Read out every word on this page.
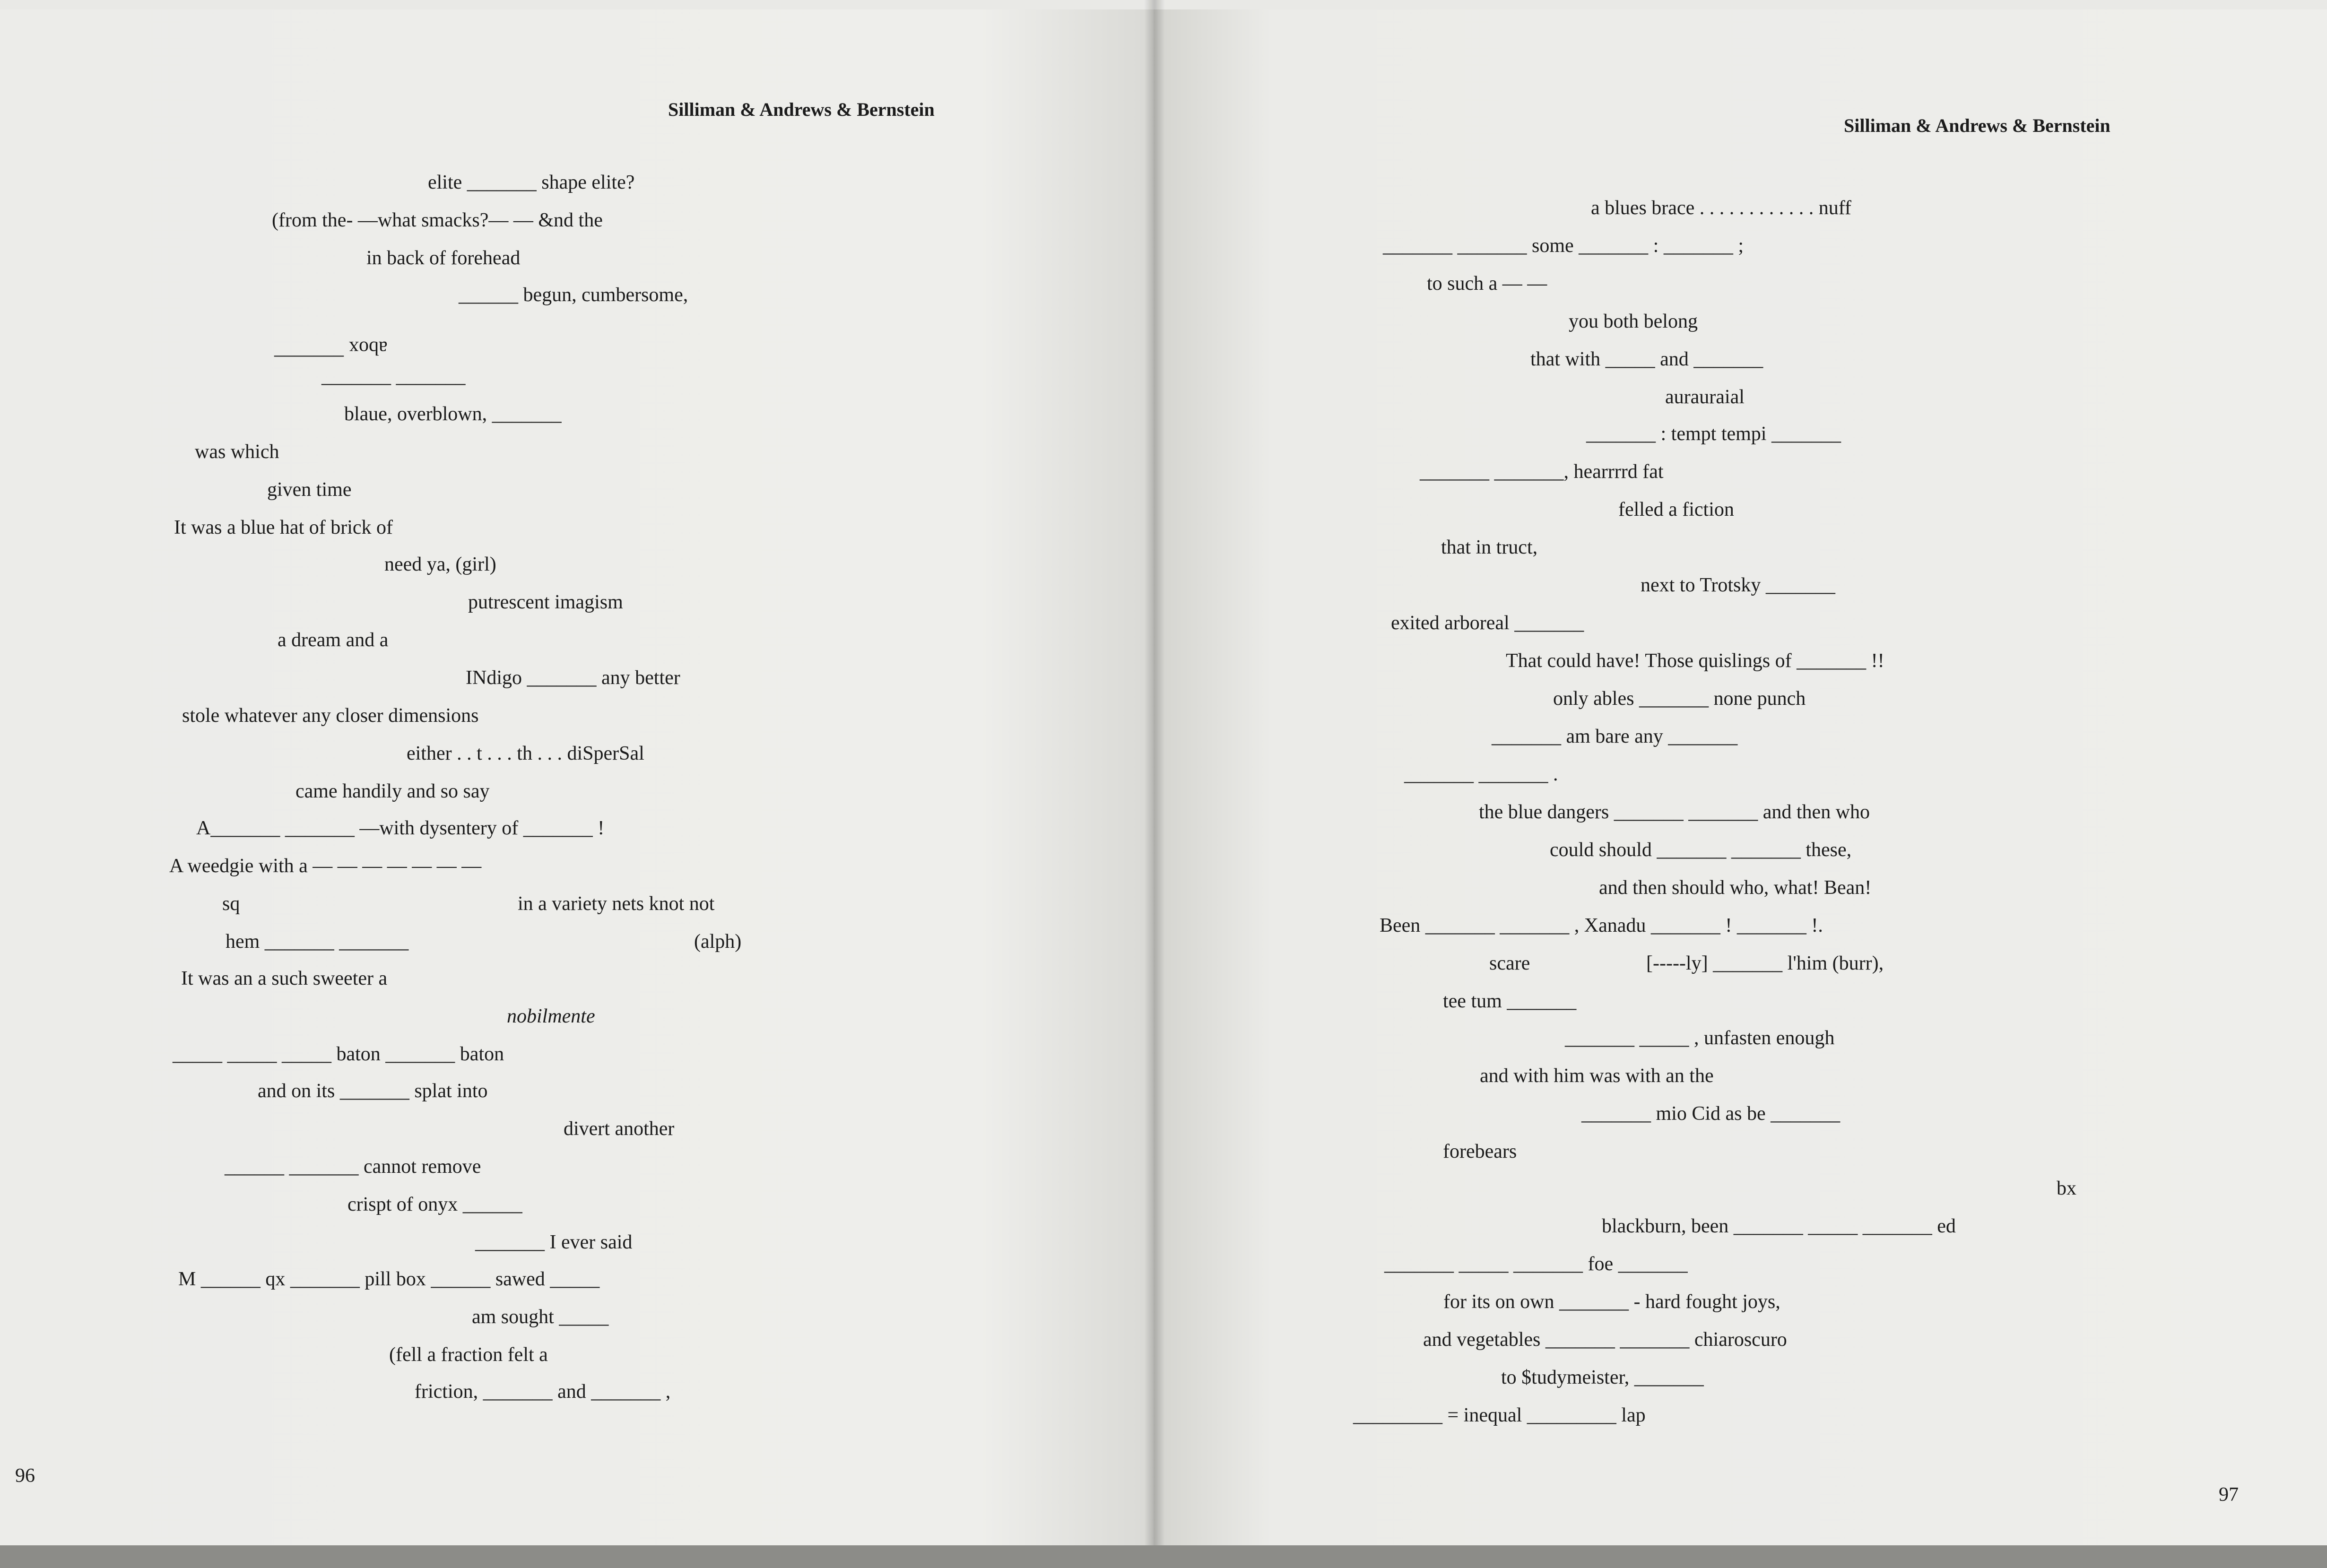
Silliman & Andrews & Bernstein
elite _______ shape elite?
(from the- —what smacks?— — &nd the
in back of forehead
______ begun, cumbersome,
_______ abox
_______ _______
blaue, overblown, _______
was which
given time
It was a blue hat of brick of
need ya, (girl)
putrescent imagism
a dream and a
INdigo _______ any better
stole whatever any closer dimensions
either . . t . . . th . . . diSperSal
came handily and so say
A_______ _______ —with dysentery of _______ !
A weedgie with a — — — — — — —
sq	in a variety nets knot not
hem _______ _______	(alph)
It was an a such sweeter a
nobilmente
_____ _____ _____ baton _______ baton
and on its _______ splat into
divert another
______ _______ cannot remove
crispt of onyx ______
_______ I ever said
M ______ qx _______ pill box ______ sawed _____
am sought _____
(fell a fraction felt a
friction, _______ and _______ ,
96
Silliman & Andrews & Bernstein
a blues brace . . . . . . . . . . . . nuff
_______ _______ some _______ : _______ ;
to such a — —
you both belong
that with _____ and _______
aurauraial
_______ : tempt tempi _______
_______ _______, hearrrrd fat
felled a fiction
that in truct,
next to Trotsky _______
exited arboreal _______
That could have! Those quislings of _______ !!
only ables _______ none punch
_______ am bare any _______
_______ _______ .
the blue dangers _______ _______ and then who
could should _______ _______ these,
and then should who, what! Bean!
Been _______ _______ , Xanadu _______ ! _______ !.
scare	[-----ly] _______ l'him (burr),
tee tum _______
_______ _____ , unfasten enough
and with him was with an the
_______ mio Cid as be _______
forebears
bx
blackburn, been _______ _____ _______ ed
_______ _____ _______ foe _______
for its on own _______ - hard fought joys,
and vegetables _______ _______ chiaroscuro
to $tudymeister, _______
_________ = inequal _________ lap
97
